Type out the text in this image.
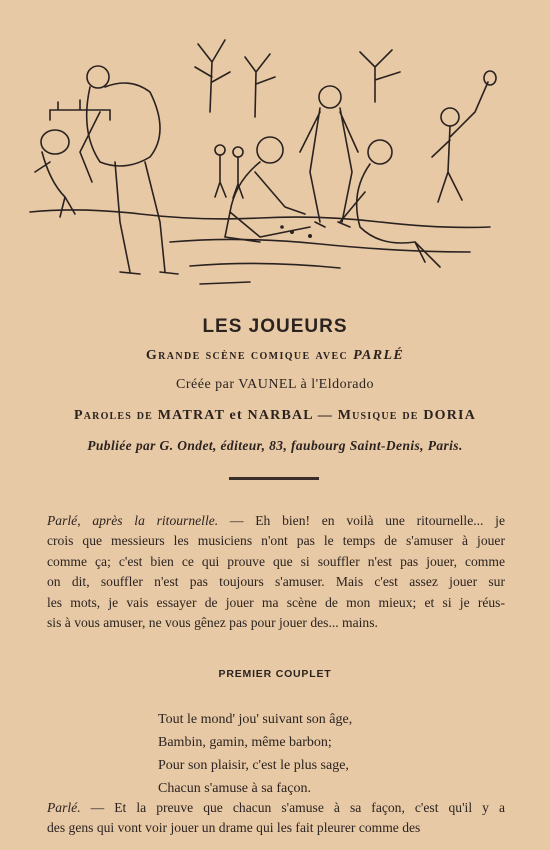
LES JOUEURS
Grande scène comique avec PARLÉ
Créée par VAUNEL à l'Eldorado
Paroles de MATRAT et NARBAL — Musique de DORIA
Publiée par G. Ondet, éditeur, 83, faubourg Saint-Denis, Paris.
Parlé, après la ritournelle. — Eh bien! en voilà une ritournelle... je
crois que messieurs les musiciens n'ont pas le temps de s'amuser à jouer
comme ça; c'est bien ce qui prouve que si souffler n'est pas jouer, comme
on dit, souffler n'est pas toujours s'amuser. Mais c'est assez jouer sur
les mots, je vais essayer de jouer ma scène de mon mieux; et si je réus-
sis à vous amuser, ne vous gênez pas pour jouer des... mains.
PREMIER COUPLET
Tout le mond' jou' suivant son âge,
Bambin, gamin, même barbon;
Pour son plaisir, c'est le plus sage,
Chacun s'amuse à sa façon.
Parlé. — Et la preuve que chacun s'amuse à sa façon, c'est qu'il y a
des gens qui vont voir jouer un drame qui les fait pleurer comme des
